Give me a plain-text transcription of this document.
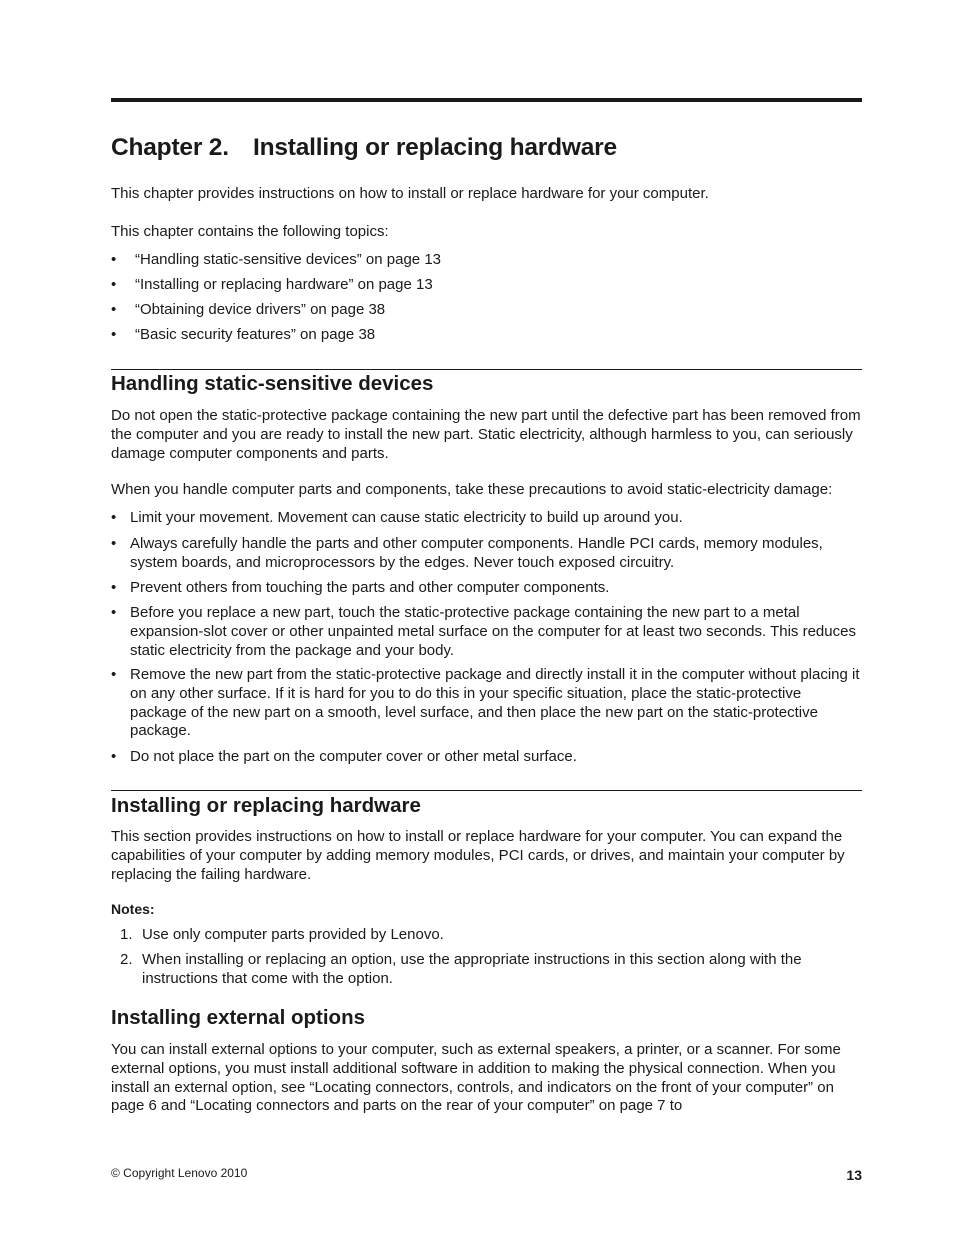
Chapter 2. Installing or replacing hardware

This chapter provides instructions on how to install or replace hardware for your computer.

This chapter contains the following topics:

• “Handling static-sensitive devices” on page 13
• “Installing or replacing hardware” on page 13
• “Obtaining device drivers” on page 38
• “Basic security features” on page 38
Handling static-sensitive devices

Do not open the static-protective package containing the new part until the defective part has been removed from the computer and you are ready to install the new part. Static electricity, although harmless to you, can seriously damage computer components and parts.

When you handle computer parts and components, take these precautions to avoid static-electricity damage:

• Limit your movement. Movement can cause static electricity to build up around you.
• Always carefully handle the parts and other computer components. Handle PCI cards, memory modules, system boards, and microprocessors by the edges. Never touch exposed circuitry.
• Prevent others from touching the parts and other computer components.
• Before you replace a new part, touch the static-protective package containing the new part to a metal expansion-slot cover or other unpainted metal surface on the computer for at least two seconds. This reduces static electricity from the package and your body.
• Remove the new part from the static-protective package and directly install it in the computer without placing it on any other surface. If it is hard for you to do this in your specific situation, place the static-protective package of the new part on a smooth, level surface, and then place the new part on the static-protective package.
• Do not place the part on the computer cover or other metal surface.
Installing or replacing hardware

This section provides instructions on how to install or replace hardware for your computer. You can expand the capabilities of your computer by adding memory modules, PCI cards, or drives, and maintain your computer by replacing the failing hardware.

Notes:

1. Use only computer parts provided by Lenovo.
2. When installing or replacing an option, use the appropriate instructions in this section along with the instructions that come with the option.
Installing external options

You can install external options to your computer, such as external speakers, a printer, or a scanner. For some external options, you must install additional software in addition to making the physical connection. When you install an external option, see “Locating connectors, controls, and indicators on the front of your computer” on page 6 and “Locating connectors and parts on the rear of your computer” on page 7 to

© Copyright Lenovo 2010	13
